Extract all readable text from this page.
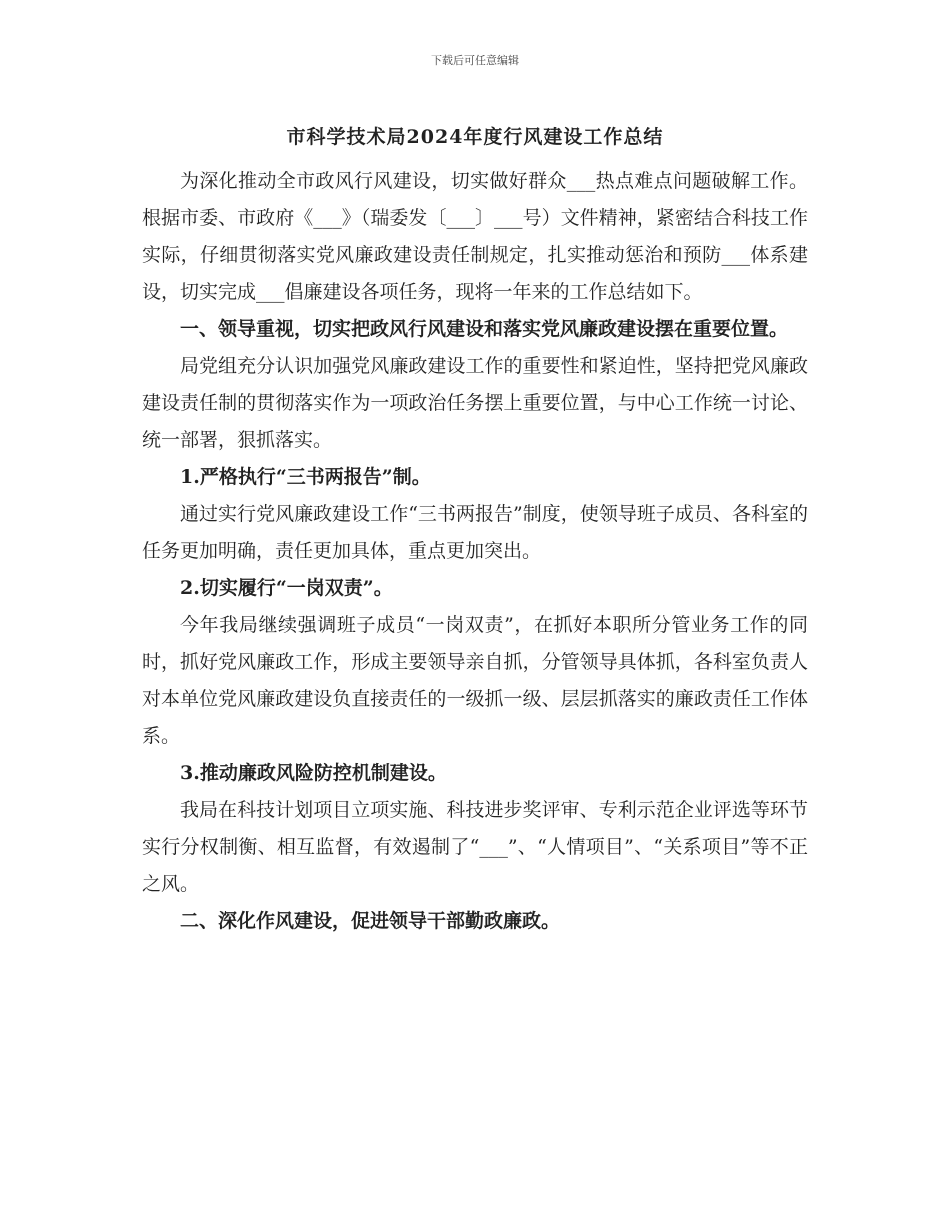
下载后可任意编辑
市科学技术局2024年度行风建设工作总结

为深化推动全市政风行风建设，切实做好群众___热点难点问题破解工作。根据市委、市政府《___》（瑞委发〔___〕___号）文件精神，紧密结合科技工作实际，仔细贯彻落实党风廉政建设责任制规定，扎实推动惩治和预防___体系建设，切实完成___倡廉建设各项任务，现将一年来的工作总结如下。

一、领导重视，切实把政风行风建设和落实党风廉政建设摆在重要位置。

局党组充分认识加强党风廉政建设工作的重要性和紧迫性，坚持把党风廉政建设责任制的贯彻落实作为一项政治任务摆上重要位置，与中心工作统一讨论、统一部署，狠抓落实。

1.严格执行“三书两报告”制。

通过实行党风廉政建设工作“三书两报告”制度，使领导班子成员、各科室的任务更加明确，责任更加具体，重点更加突出。

2.切实履行“一岗双责”。

今年我局继续强调班子成员“一岗双责”，在抓好本职所分管业务工作的同时，抓好党风廉政工作，形成主要领导亲自抓，分管领导具体抓，各科室负责人对本单位党风廉政建设负直接责任的一级抓一级、层层抓落实的廉政责任工作体系。

3.推动廉政风险防控机制建设。

我局在科技计划项目立项实施、科技进步奖评审、专利示范企业评选等环节实行分权制衡、相互监督，有效遏制了“___”、“人情项目”、“关系项目”等不正之风。

二、深化作风建设，促进领导干部勤政廉政。
